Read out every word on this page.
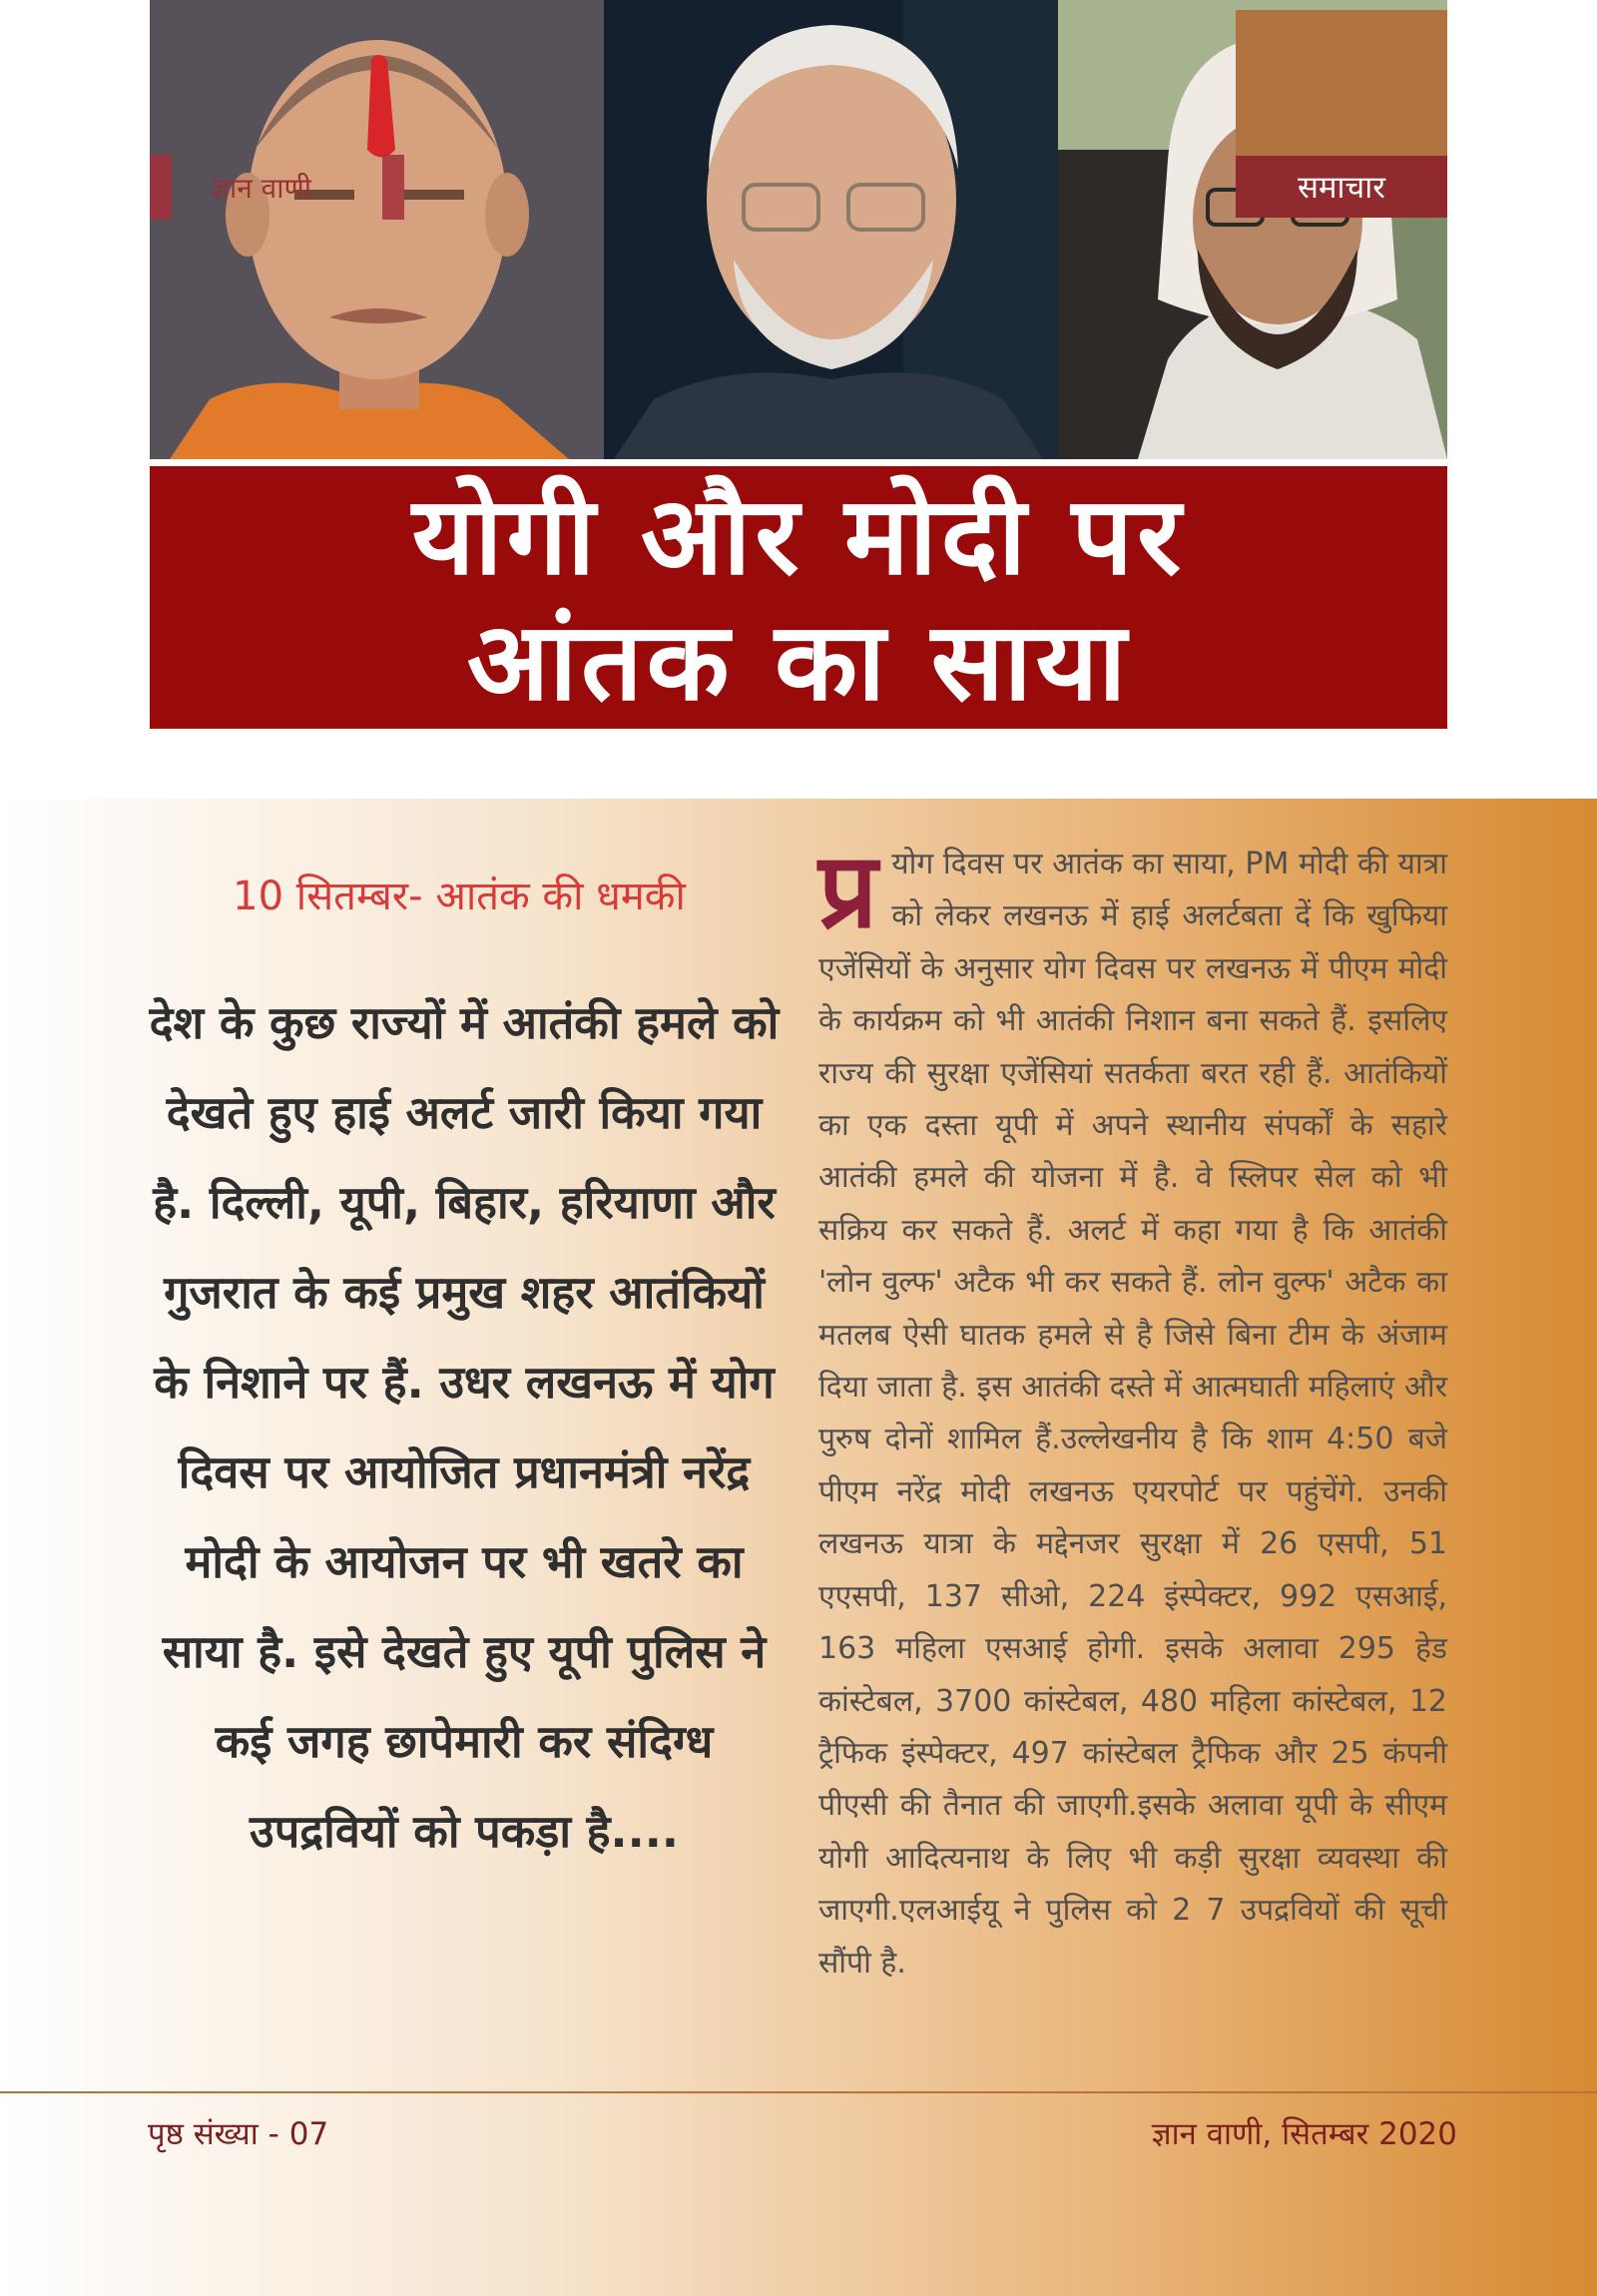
ज्ञान वाणी	समाचार
योगी और मोदी पर
आंतक का साया
10 सितम्बर- आतंक की धमकी
देश के कुछ राज्यों में आतंकी हमले को देखते हुए हाई अलर्ट जारी किया गया है. दिल्ली, यूपी, बिहार, हरियाणा और गुजरात के कई प्रमुख शहर आतंकियों के निशाने पर हैं. उधर लखनऊ में योग दिवस पर आयोजित प्रधानमंत्री नरेंद्र मोदी के आयोजन पर भी खतरे का साया है. इसे देखते हुए यूपी पुलिस ने कई जगह छापेमारी कर संदिग्ध उपद्रवियों को पकड़ा है....
प्र योग दिवस पर आतंक का साया, PM मोदी की यात्रा को लेकर लखनऊ में हाई अलर्टबता दें कि खुफिया एजेंसियों के अनुसार योग दिवस पर लखनऊ में पीएम मोदी के कार्यक्रम को भी आतंकी निशान बना सकते हैं. इसलिए राज्य की सुरक्षा एजेंसियां सतर्कता बरत रही हैं. आतंकियों का एक दस्ता यूपी में अपने स्थानीय संपर्कों के सहारे आतंकी हमले की योजना में है. वे स्लिपर सेल को भी सक्रिय कर सकते हैं. अलर्ट में कहा गया है कि आतंकी 'लोन वुल्फ' अटैक भी कर सकते हैं. लोन वुल्फ' अटैक का मतलब ऐसी घातक हमले से है जिसे बिना टीम के अंजाम दिया जाता है. इस आतंकी दस्ते में आत्मघाती महिलाएं और पुरुष दोनों शामिल हैं.उल्लेखनीय है कि शाम 4:50 बजे पीएम नरेंद्र मोदी लखनऊ एयरपोर्ट पर पहुंचेंगे. उनकी लखनऊ यात्रा के मद्देनजर सुरक्षा में 26 एसपी, 51 एएसपी, 137 सीओ, 224 इंस्पेक्टर, 992 एसआई, 163 महिला एसआई होगी. इसके अलावा 295 हेड कांस्टेबल, 3700 कांस्टेबल, 480 महिला कांस्टेबल, 12 ट्रैफिक इंस्पेक्टर, 497 कांस्टेबल ट्रैफिक और 25 कंपनी पीएसी की तैनात की जाएगी.इसके अलावा यूपी के सीएम योगी आदित्यनाथ के लिए भी कड़ी सुरक्षा व्यवस्था की जाएगी.एलआईयू ने पुलिस को 2 7 उपद्रवियों की सूची सौंपी है.
पृष्ठ संख्या - 07	ज्ञान वाणी, सितम्बर 2020
